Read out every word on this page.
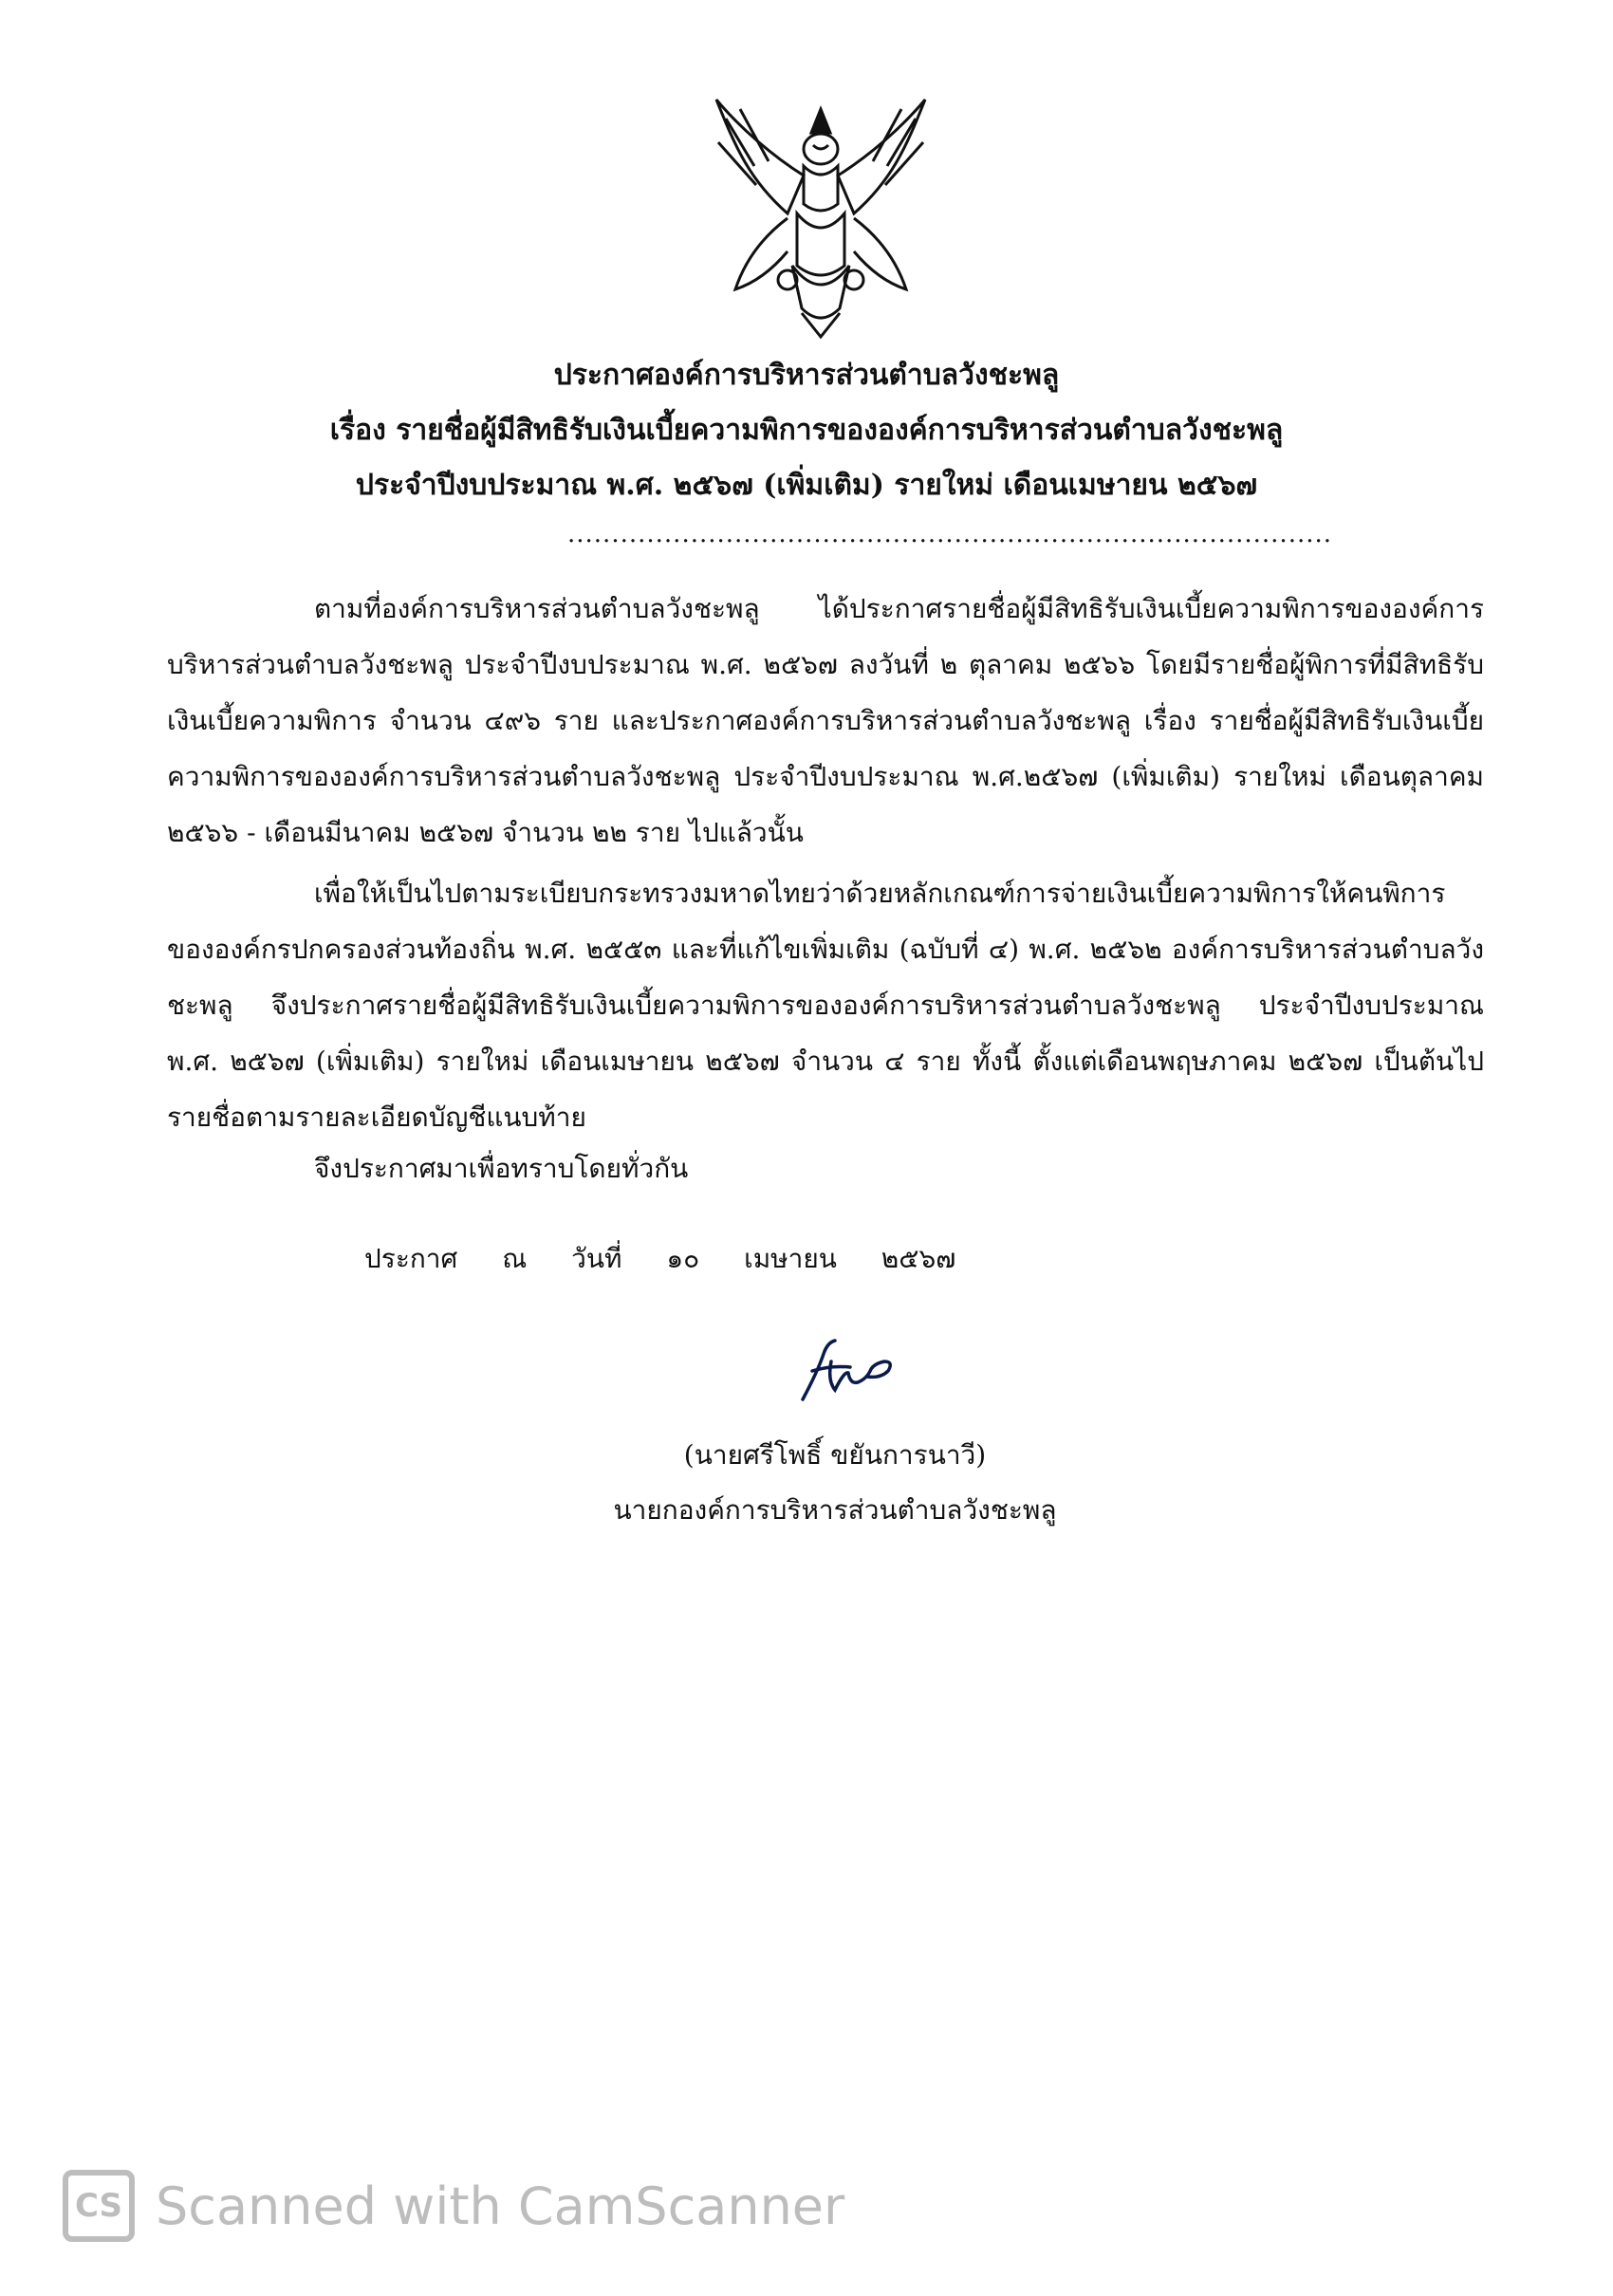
ประกาศองค์การบริหารส่วนตำบลวังชะพลู
เรื่อง รายชื่อผู้มีสิทธิรับเงินเบี้ยความพิการขององค์การบริหารส่วนตำบลวังชะพลู
ประจำปีงบประมาณ พ.ศ. ๒๕๖๗ (เพิ่มเติม) รายใหม่ เดือนเมษายน ๒๕๖๗
.......................................................................................

ตามที่องค์การบริหารส่วนตำบลวังชะพลู ได้ประกาศรายชื่อผู้มีสิทธิรับเงินเบี้ยความพิการขององค์การบริหารส่วนตำบลวังชะพลู ประจำปีงบประมาณ พ.ศ. ๒๕๖๗ ลงวันที่ ๒ ตุลาคม ๒๕๖๖ โดยมีรายชื่อผู้พิการที่มีสิทธิรับเงินเบี้ยความพิการ จำนวน ๔๙๖ ราย และประกาศองค์การบริหารส่วนตำบลวังชะพลู เรื่อง รายชื่อผู้มีสิทธิรับเงินเบี้ยความพิการขององค์การบริหารส่วนตำบลวังชะพลู ประจำปีงบประมาณ พ.ศ.๒๕๖๗ (เพิ่มเติม) รายใหม่ เดือนตุลาคม ๒๕๖๖ - เดือนมีนาคม ๒๕๖๗ จำนวน ๒๒ ราย ไปแล้วนั้น

เพื่อให้เป็นไปตามระเบียบกระทรวงมหาดไทยว่าด้วยหลักเกณฑ์การจ่ายเงินเบี้ยความพิการให้คนพิการขององค์กรปกครองส่วนท้องถิ่น พ.ศ. ๒๕๕๓ และที่แก้ไขเพิ่มเติม (ฉบับที่ ๔) พ.ศ. ๒๕๖๒ องค์การบริหารส่วนตำบลวังชะพลู จึงประกาศรายชื่อผู้มีสิทธิรับเงินเบี้ยความพิการขององค์การบริหารส่วนตำบลวังชะพลู ประจำปีงบประมาณ พ.ศ. ๒๕๖๗ (เพิ่มเติม) รายใหม่ เดือนเมษายน ๒๕๖๗ จำนวน ๔ ราย ทั้งนี้ ตั้งแต่เดือนพฤษภาคม ๒๕๖๗ เป็นต้นไป รายชื่อตามรายละเอียดบัญชีแนบท้าย

จึงประกาศมาเพื่อทราบโดยทั่วกัน
ประกาศ ณ วันที่ ๑๐ เมษายน ๒๕๖๗
(นายศรีโพธิ์ ขยันการนาวี)
นายกองค์การบริหารส่วนตำบลวังชะพลู
CS Scanned with CamScanner
